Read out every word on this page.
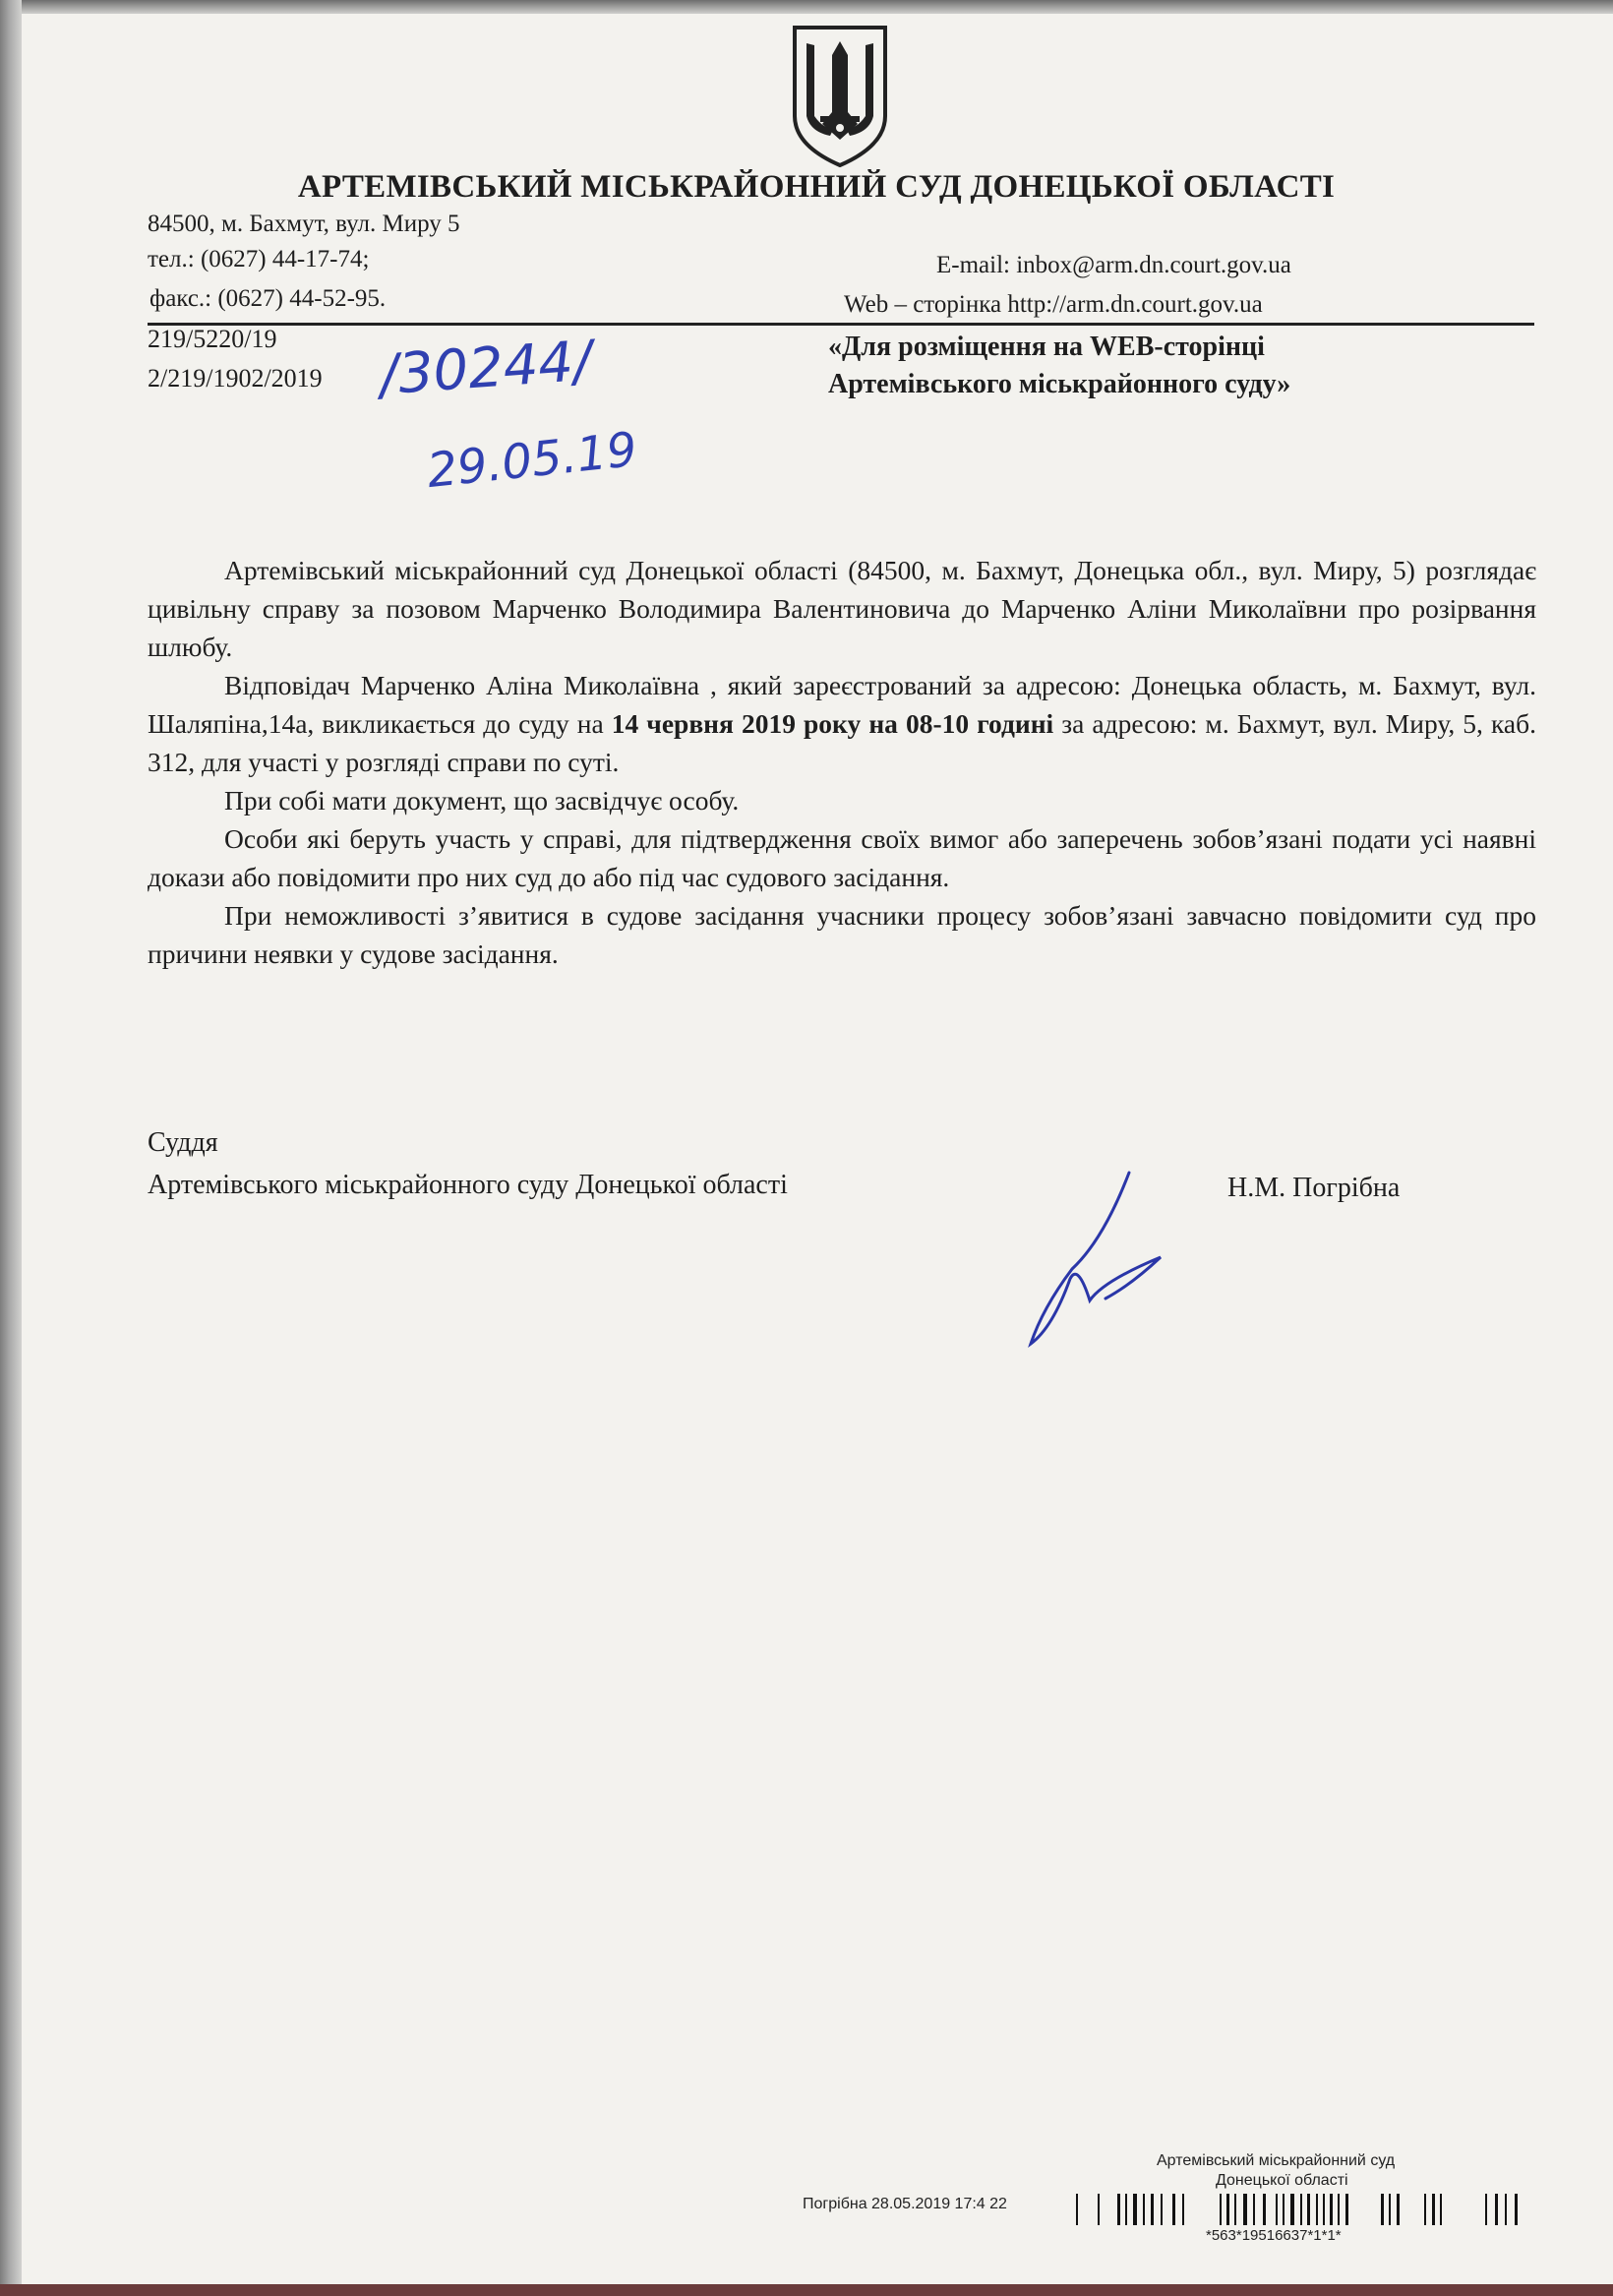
АРТЕМІВСЬКИЙ МІСЬКРАЙОННИЙ СУД ДОНЕЦЬКОЇ ОБЛАСТІ
84500, м. Бахмут, вул. Миру 5
тел.: (0627) 44-17-74;
факс.: (0627) 44-52-95.
E-mail: inbox@arm.dn.court.gov.ua
Web – сторінка http://arm.dn.court.gov.ua
219/5220/19
2/219/1902/2019 /30244/
29.05.19
«Для розміщення на WEB-сторінці
Артемівського міськрайонного суду»

Артемівський міськрайонний суд Донецької області (84500, м. Бахмут, Донецька обл., вул. Миру, 5) розглядає цивільну справу за позовом Марченко Володимира Валентиновича до Марченко Аліни Миколаївни про розірвання шлюбу.

Відповідач Марченко Аліна Миколаївна , який зареєстрований за адресою: Донецька область, м. Бахмут, вул. Шаляпіна,14а, викликається до суду на 14 червня 2019 року на 08-10 годині за адресою: м. Бахмут, вул. Миру, 5, каб. 312, для участі у розгляді справи по суті.

При собі мати документ, що засвідчує особу.

Особи які беруть участь у справі, для підтвердження своїх вимог або заперечень зобов’язані подати усі наявні докази або повідомити про них суд до або під час судового засідання.

При неможливості з’явитися в судове засідання учасники процесу зобов’язані завчасно повідомити суд про причини неявки у судове засідання.

Суддя
Артемівського міськрайонного суду Донецької області	Н.М. Погрібна
Артемівський міськрайонний суд
Донецької області
Погрібна 28.05.2019 17:4 22
*563*19516637*1*1*
